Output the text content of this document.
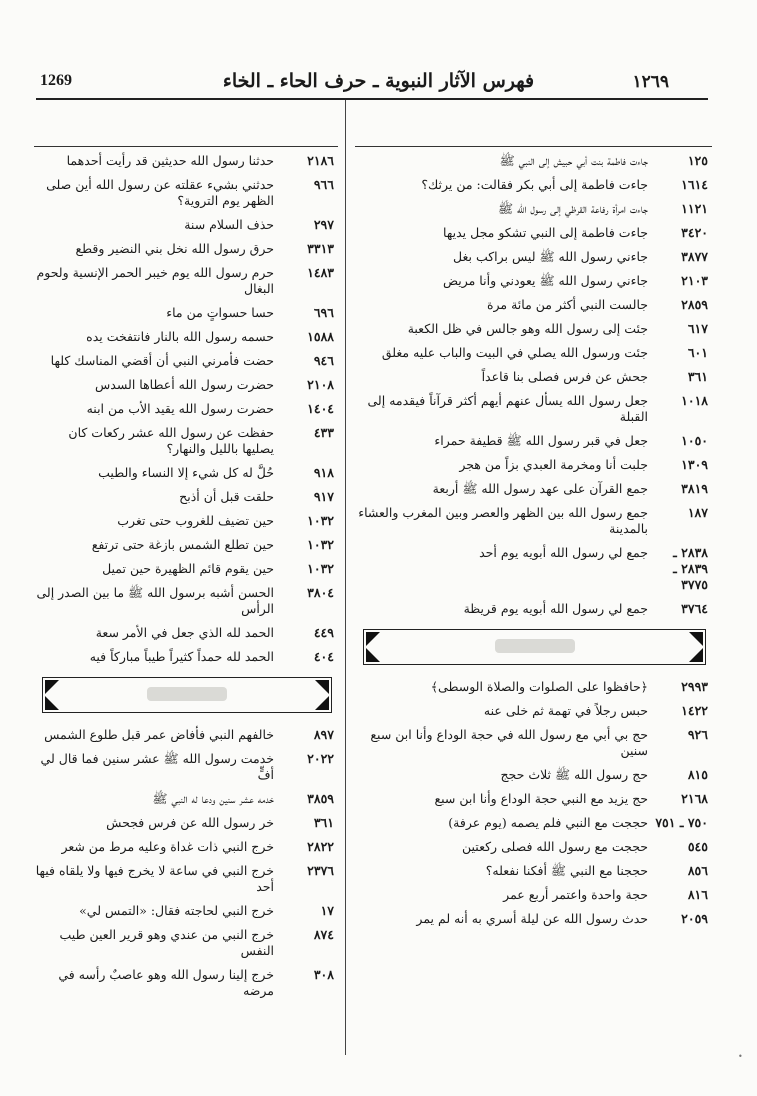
١٢٦٩
فهرس الآثار النبوية ـ حرف الحاء ـ الخاء
1269
١٢٥
جاءت فاطمة بنت أبي حبيش إلى النبي ﷺ
١٦١٤
جاءت فاطمة إلى أبي بكر فقالت: من يرثك؟
١١٢١
جاءت امرأة رفاعة القرظي إلى رسول الله ﷺ
٣٤٢٠
جاءت فاطمة إلى النبي تشكو مجل يديها
٣٨٧٧
جاءني رسول الله ﷺ ليس براكب بغل
٢١٠٣
جاءني رسول الله ﷺ يعودني وأنا مريض
٢٨٥٩
جالست النبي أكثر من مائة مرة
٦١٧
جئت إلى رسول الله وهو جالس في ظل الكعبة
٦٠١
جئت ورسول الله يصلي في البيت والباب عليه مغلق
٣٦١
جحش عن فرس فصلى بنا قاعداً
١٠١٨
جعل رسول الله يسأل عنهم أيهم أكثر قرآناً فيقدمه إلى القبلة
١٠٥٠
جعل في قبر رسول الله ﷺ قطيفة حمراء
١٣٠٩
جلبت أنا ومخرمة العبدي بزاً من هجر
٣٨١٩
جمع القرآن على عهد رسول الله ﷺ أربعة
١٨٧
جمع رسول الله بين الظهر والعصر وبين المغرب والعشاء بالمدينة
٢٨٣٨ ـ ٢٨٣٩ ـ ٣٧٧٥
جمع لي رسول الله أبويه يوم أحد
٣٧٦٤
جمع لي رسول الله أبويه يوم قريظة
٢٩٩٣
﴿حافظوا على الصلوات والصلاة الوسطى﴾
١٤٢٢
حبس رجلاً في تهمة ثم خلى عنه
٩٢٦
حج بي أبي مع رسول الله في حجة الوداع وأنا ابن سبع سنين
٨١٥
حج رسول الله ﷺ ثلاث حجج
٢١٦٨
حج يزيد مع النبي حجة الوداع وأنا ابن سبع
٧٥٠ ـ ٧٥١
حججت مع النبي فلم يصمه (يوم عرفة)
٥٤٥
حججت مع رسول الله فصلى ركعتين
٨٥٦
حججنا مع النبي ﷺ أفكنا نفعله؟
٨١٦
حجة واحدة واعتمر أربع عمر
٢٠٥٩
حدث رسول الله عن ليلة أسري به أنه لم يمر
٢١٨٦
حدثنا رسول الله حديثين قد رأيت أحدهما
٩٦٦
حدثني بشيء عقلته عن رسول الله أين صلى الظهر يوم التروية؟
٢٩٧
حذف السلام سنة
٣٣١٣
حرق رسول الله نخل بني النضير وقطع
١٤٨٣
حرم رسول الله يوم خيبر الحمر الإنسية ولحوم البغال
٦٩٦
حسا حسواتٍ من ماء
١٥٨٨
حسمه رسول الله بالنار فانتفخت يده
٩٤٦
حضت فأمرني النبي أن أقضي المناسك كلها
٢١٠٨
حضرت رسول الله أعطاها السدس
١٤٠٤
حضرت رسول الله يقيد الأب من ابنه
٤٣٣
حفظت عن رسول الله عشر ركعات كان يصليها بالليل والنهار؟
٩١٨
حُلَّ له كل شيء إلا النساء والطيب
٩١٧
حلقت قبل أن أذبح
١٠٣٢
حين تضيف للغروب حتى تغرب
١٠٣٢
حين تطلع الشمس بازغة حتى ترتفع
١٠٣٢
حين يقوم قائم الظهيرة حين تميل
٣٨٠٤
الحسن أشبه برسول الله ﷺ ما بين الصدر إلى الرأس
٤٤٩
الحمد لله الذي جعل في الأمر سعة
٤٠٤
الحمد لله حمداً كثيراً طيباً مباركاً فيه
٨٩٧
خالفهم النبي فأفاض عمر قبل طلوع الشمس
٢٠٢٢
خدمت رسول الله ﷺ عشر سنين فما قال لي أفٍّ
٣٨٥٩
خدمه عشر سنين ودعا له النبي ﷺ
٣٦١
خر رسول الله عن فرس فجحش
٢٨٢٢
خرج النبي ذات غداة وعليه مرط من شعر
٢٣٧٦
خرج النبي في ساعة لا يخرج فيها ولا يلقاه فيها أحد
١٧
خرج النبي لحاجته فقال: «التمس لي»
٨٧٤
خرج النبي من عندي وهو قرير العين طيب النفس
٣٠٨
خرج إلينا رسول الله وهو عاصبٌ رأسه في مرضه
•
